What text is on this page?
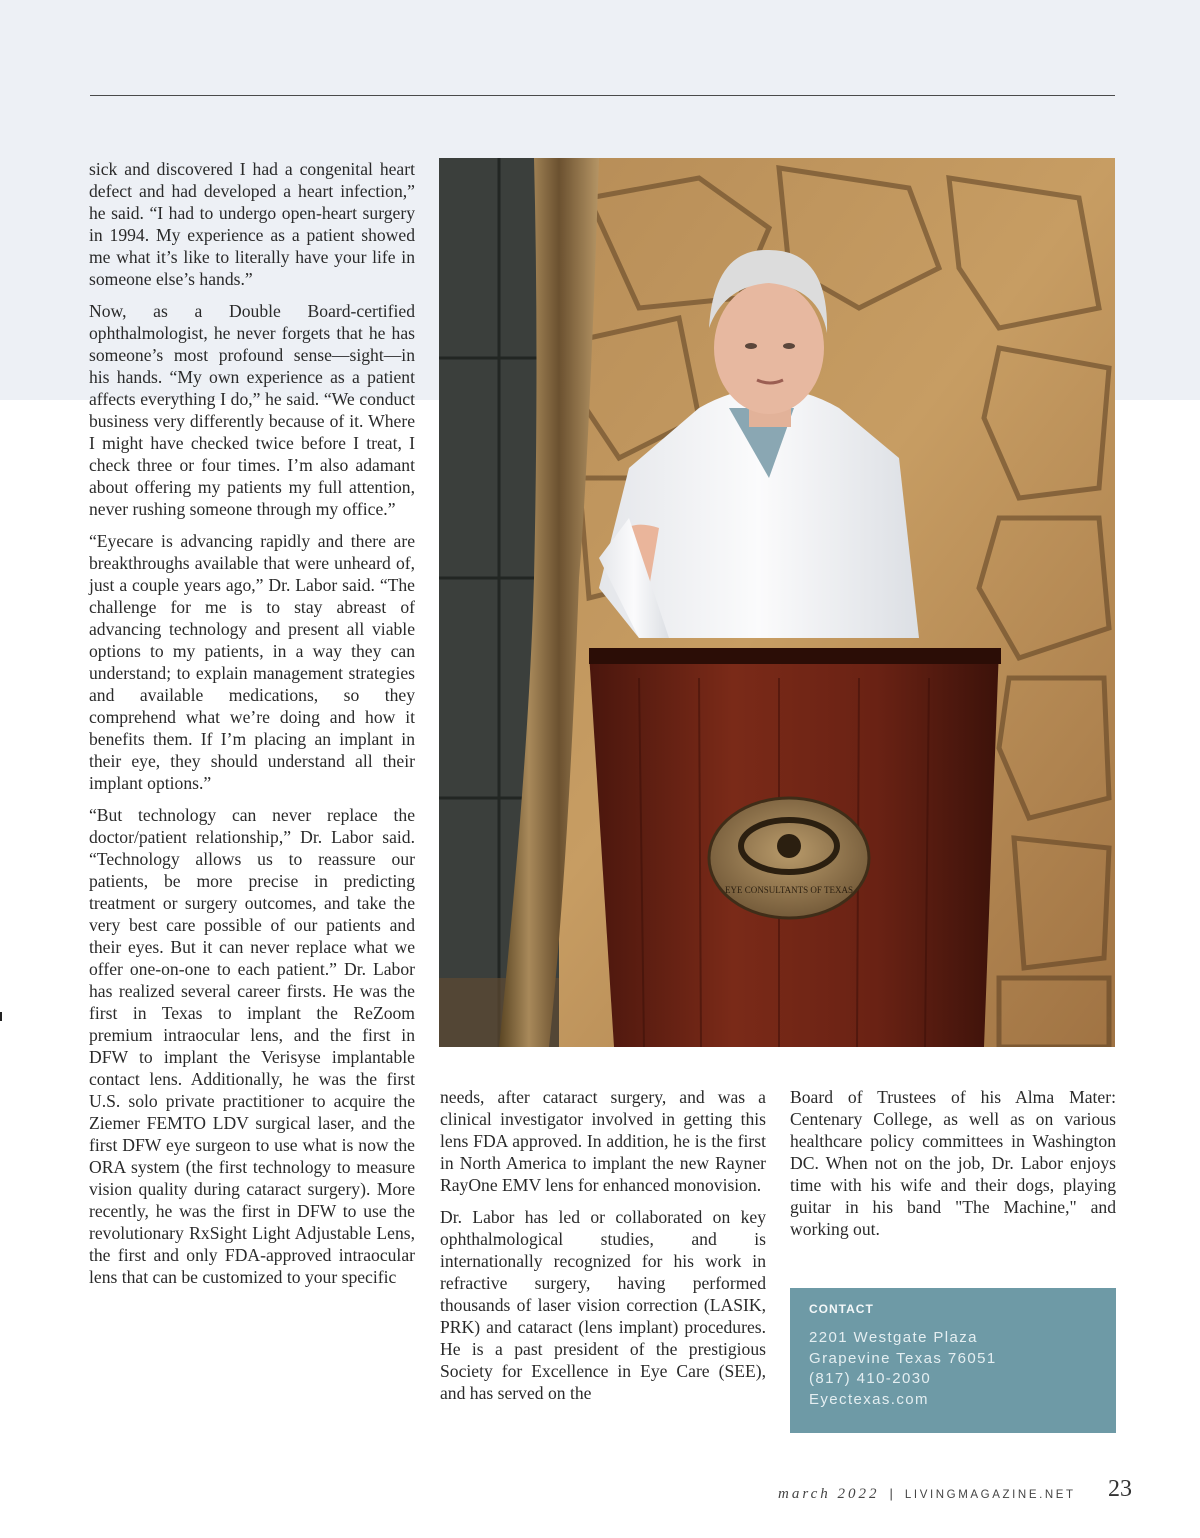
sick and discovered I had a congenital heart defect and had developed a heart infection,” he said. “I had to undergo open-heart surgery in 1994. My experience as a patient showed me what it’s like to literally have your life in someone else’s hands.”

Now, as a Double Board-certified ophthalmologist, he never forgets that he has someone’s most profound sense—sight—in his hands. “My own experience as a patient affects everything I do,” he said. “We conduct business very differently because of it. Where I might have checked twice before I treat, I check three or four times. I’m also adamant about offering my patients my full attention, never rushing someone through my office.”

“Eyecare is advancing rapidly and there are breakthroughs available that were unheard of, just a couple years ago,” Dr. Labor said. “The challenge for me is to stay abreast of advancing technology and present all viable options to my patients, in a way they can understand; to explain management strategies and available medications, so they comprehend what we’re doing and how it benefits them. If I’m placing an implant in their eye, they should understand all their implant options.”

“But technology can never replace the doctor/patient relationship,” Dr. Labor said. “Technology allows us to reassure our patients, be more precise in predicting treatment or surgery outcomes, and take the very best care possible of our patients and their eyes. But it can never replace what we offer one-on-one to each patient.” Dr. Labor has realized several career firsts. He was the first in Texas to implant the ReZoom premium intraocular lens, and the first in DFW to implant the Verisyse implantable contact lens. Additionally, he was the first U.S. solo private practitioner to acquire the Ziemer FEMTO LDV surgical laser, and the first DFW eye surgeon to use what is now the ORA system (the first technology to measure vision quality during cataract surgery). More recently, he was the first in DFW to use the revolutionary RxSight Light Adjustable Lens, the first and only FDA-approved intraocular lens that can be customized to your specific

EYE CONSULTANTS OF TEXAS

needs, after cataract surgery, and was a clinical investigator involved in getting this lens FDA approved. In addition, he is the first in North America to implant the new Rayner RayOne EMV lens for enhanced monovision.

Dr. Labor has led or collaborated on key ophthalmological studies, and is internationally recognized for his work in refractive surgery, having performed thousands of laser vision correction (LASIK, PRK) and cataract (lens implant) procedures. He is a past president of the prestigious Society for Excellence in Eye Care (SEE), and has served on the

Board of Trustees of his Alma Mater: Centenary College, as well as on various healthcare policy committees in Washington DC. When not on the job, Dr. Labor enjoys time with his wife and their dogs, playing guitar in his band "The Machine," and working out.

CONTACT
2201 Westgate Plaza
Grapevine Texas 76051
(817) 410-2030
Eyectexas.com
march 2022 | LIVINGMAGAZINE.NET 23
